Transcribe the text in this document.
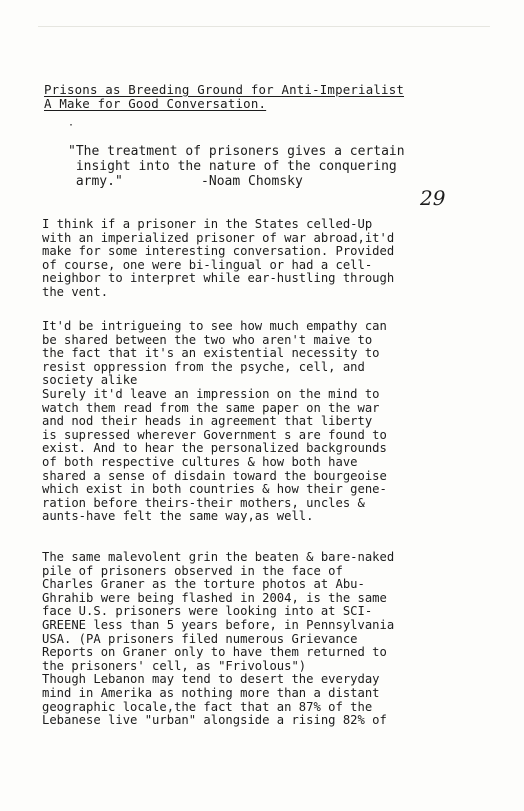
Prisons as Breeding Ground for Anti-Imperialist
A Make for Good Conversation.
·
"The treatment of prisoners gives a certain
insight into the nature of the conquering
army."          -Noam Chomsky
29

I think if a prisoner in the States celled-Up
with an imperialized prisoner of war abroad,it'd
make for some interesting conversation. Provided
of course, one were bi-lingual or had a cell-
neighbor to interpret while ear-hustling through
the vent.

It'd be intrigueing to see how much empathy can
be shared between the two who aren't maive to
the fact that it's an existential necessity to
resist oppression from the psyche, cell, and
society alike
Surely it'd leave an impression on the mind to
watch them read from the same paper on the war
and nod their heads in agreement that liberty
is supressed wherever Government s are found to
exist. And to hear the personalized backgrounds
of both respective cultures & how both have
shared a sense of disdain toward the bourgeoise
which exist in both countries & how their gene-
ration before theirs-their mothers, uncles &
aunts-have felt the same way,as well.

The same malevolent grin the beaten & bare-naked
pile of prisoners observed in the face of
Charles Graner as the torture photos at Abu-
Ghrahib were being flashed in 2004, is the same
face U.S. prisoners were looking into at SCI-
GREENE less than 5 years before, in Pennsylvania
USA. (PA prisoners filed numerous Grievance
Reports on Graner only to have them returned to
the prisoners' cell, as "Frivolous")
Though Lebanon may tend to desert the everyday
mind in Amerika as nothing more than a distant
geographic locale,the fact that an 87% of the
Lebanese live "urban" alongside a rising 82% of
